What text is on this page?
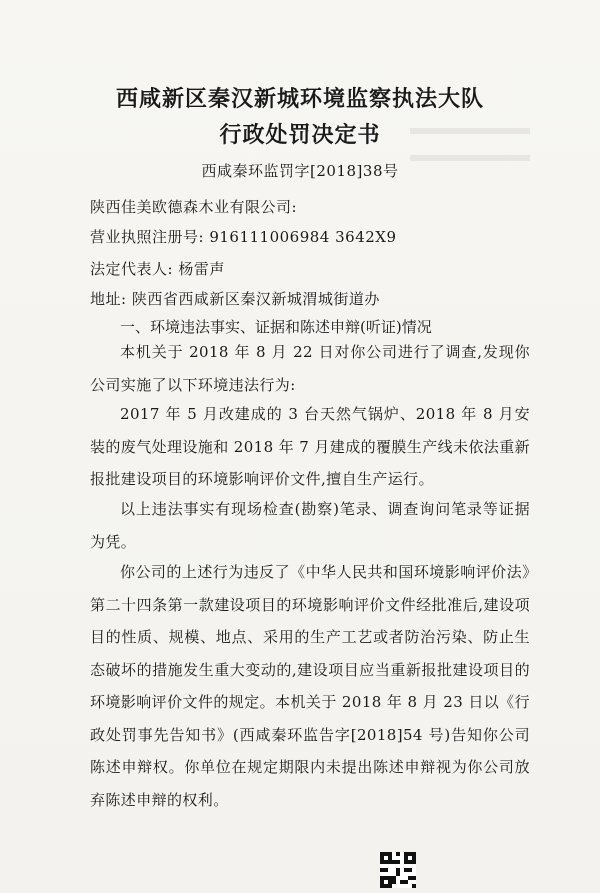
西咸新区秦汉新城环境监察执法大队
行政处罚决定书
西咸秦环监罚字[2018]38号
陕西佳美欧德森木业有限公司:
营业执照注册号: 916111006984 3642X9
法定代表人: 杨雷声
地址: 陕西省西咸新区秦汉新城渭城街道办
一、环境违法事实、证据和陈述申辩(听证)情况
本机关于 2018 年 8 月 22 日对你公司进行了调查,发现你公司实施了以下环境违法行为:
2017 年 5 月改建成的 3 台天然气锅炉、2018 年 8 月安装的废气处理设施和 2018 年 7 月建成的覆膜生产线未依法重新报批建设项目的环境影响评价文件,擅自生产运行。
以上违法事实有现场检查(勘察)笔录、调查询问笔录等证据为凭。
你公司的上述行为违反了《中华人民共和国环境影响评价法》第二十四条第一款建设项目的环境影响评价文件经批准后,建设项目的性质、规模、地点、采用的生产工艺或者防治污染、防止生态破坏的措施发生重大变动的,建设项目应当重新报批建设项目的环境影响评价文件的规定。本机关于 2018 年 8 月 23 日以《行政处罚事先告知书》(西咸秦环监告字[2018]54 号)告知你公司陈述申辩权。你单位在规定期限内未提出陈述申辩视为你公司放弃陈述申辩的权利。
